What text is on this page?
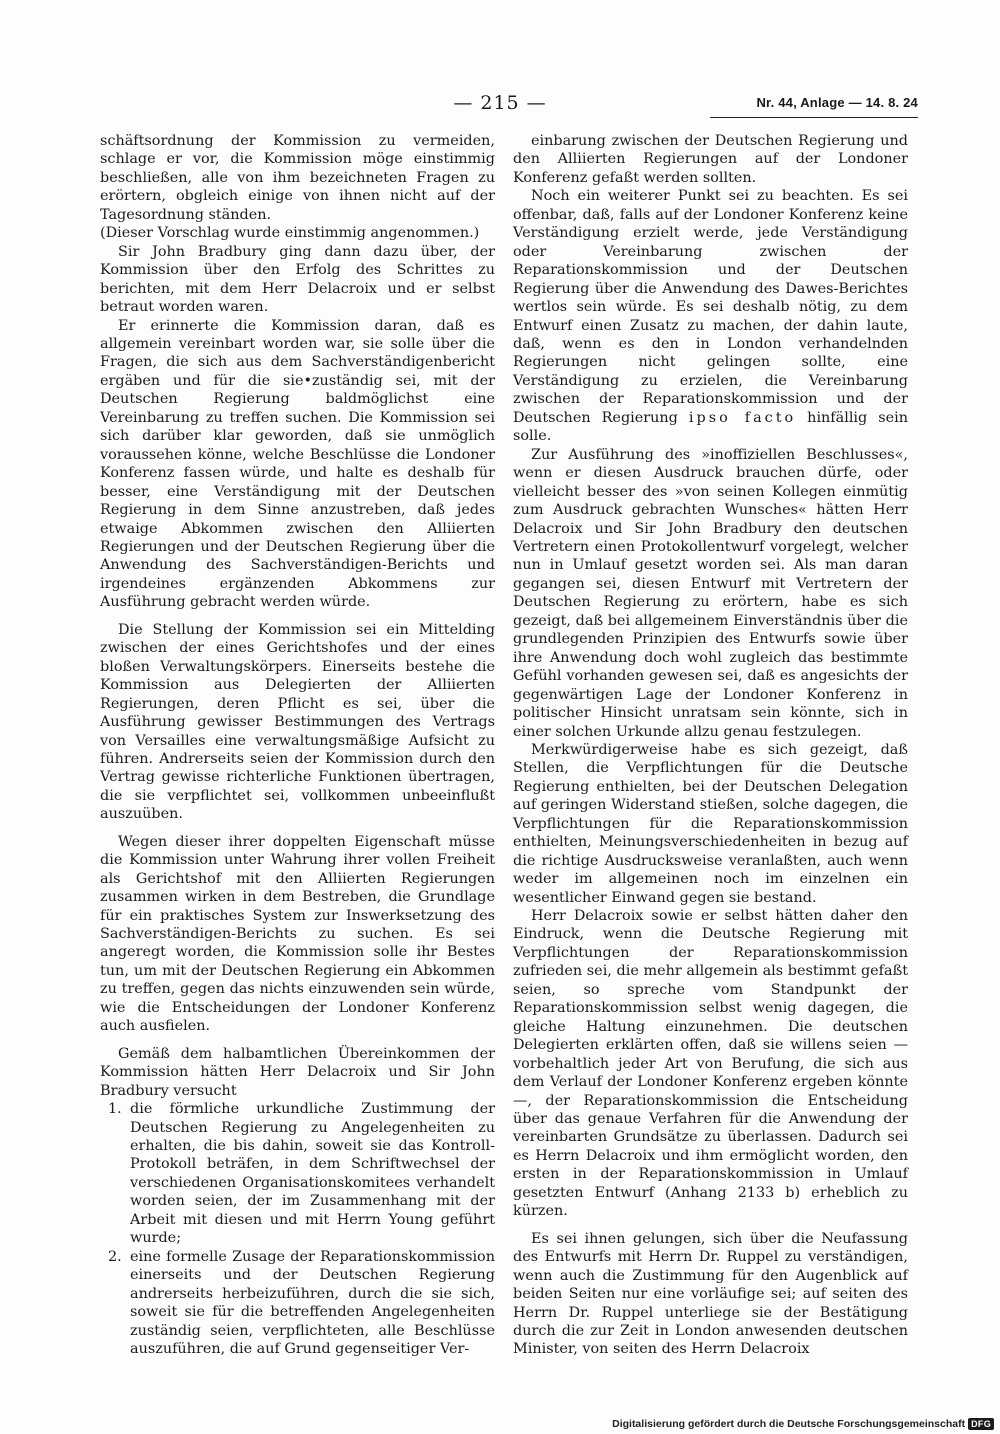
— 215 —	Nr. 44, Anlage — 14. 8. 24

schäftsordnung der Kommission zu vermeiden, schlage er vor, die Kommission möge einstimmig beschließen, alle von ihm bezeichneten Fragen zu erörtern, obgleich einige von ihnen nicht auf der Tagesordnung ständen.

(Dieser Vorschlag wurde einstimmig angenommen.)

Sir John Bradbury ging dann dazu über, der Kommission über den Erfolg des Schrittes zu berichten, mit dem Herr Delacroix und er selbst betraut worden waren.

Er erinnerte die Kommission daran, daß es allgemein vereinbart worden war, sie solle über die Fragen, die sich aus dem Sachverständigenbericht ergäben und für die sie•zuständig sei, mit der Deutschen Regierung baldmöglichst eine Vereinbarung zu treffen suchen. Die Kommission sei sich darüber klar geworden, daß sie unmöglich voraussehen könne, welche Beschlüsse die Londoner Konferenz fassen würde, und halte es deshalb für besser, eine Verständigung mit der Deutschen Regierung in dem Sinne anzustreben, daß jedes etwaige Abkommen zwischen den Alliierten Regierungen und der Deutschen Regierung über die Anwendung des Sachverständigen-Berichts und irgendeines ergänzenden Abkommens zur Ausführung gebracht werden würde.

Die Stellung der Kommission sei ein Mittelding zwischen der eines Gerichtshofes und der eines bloßen Verwaltungskörpers. Einerseits bestehe die Kommission aus Delegierten der Alliierten Regierungen, deren Pflicht es sei, über die Ausführung gewisser Bestimmungen des Vertrags von Versailles eine verwaltungsmäßige Aufsicht zu führen. Andrerseits seien der Kommission durch den Vertrag gewisse richterliche Funktionen übertragen, die sie verpflichtet sei, vollkommen unbeeinflußt auszuüben.

Wegen dieser ihrer doppelten Eigenschaft müsse die Kommission unter Wahrung ihrer vollen Freiheit als Gerichtshof mit den Alliierten Regierungen zusammen wirken in dem Bestreben, die Grundlage für ein praktisches System zur Inswerksetzung des Sachverständigen-Berichts zu suchen. Es sei angeregt worden, die Kommission solle ihr Bestes tun, um mit der Deutschen Regierung ein Abkommen zu treffen, gegen das nichts einzuwenden sein würde, wie die Entscheidungen der Londoner Konferenz auch ausfielen.

Gemäß dem halbamtlichen Übereinkommen der Kommission hätten Herr Delacroix und Sir John Bradbury versucht

1. die förmliche urkundliche Zustimmung der Deutschen Regierung zu Angelegenheiten zu erhalten, die bis dahin, soweit sie das Kontroll-Protokoll beträfen, in dem Schriftwechsel der verschiedenen Organisationskomitees verhandelt worden seien, der im Zusammenhang mit der Arbeit mit diesen und mit Herrn Young geführt wurde;
2. eine formelle Zusage der Reparationskommission einerseits und der Deutschen Regierung andrerseits herbeizuführen, durch die sie sich, soweit sie für die betreffenden Angelegenheiten zuständig seien, verpflichteten, alle Beschlüsse auszuführen, die auf Grund gegenseitiger Ver-

einbarung zwischen der Deutschen Regierung und den Alliierten Regierungen auf der Londoner Konferenz gefaßt werden sollten.

Noch ein weiterer Punkt sei zu beachten. Es sei offenbar, daß, falls auf der Londoner Konferenz keine Verständigung erzielt werde, jede Verständigung oder Vereinbarung zwischen der Reparationskommission und der Deutschen Regierung über die Anwendung des Dawes-Berichtes wertlos sein würde. Es sei deshalb nötig, zu dem Entwurf einen Zusatz zu machen, der dahin laute, daß, wenn es den in London verhandelnden Regierungen nicht gelingen sollte, eine Verständigung zu erzielen, die Vereinbarung zwischen der Reparationskommission und der Deutschen Regierung ipso facto hinfällig sein solle.

Zur Ausführung des »inoffiziellen Beschlusses«, wenn er diesen Ausdruck brauchen dürfe, oder vielleicht besser des »von seinen Kollegen einmütig zum Ausdruck gebrachten Wunsches« hätten Herr Delacroix und Sir John Bradbury den deutschen Vertretern einen Protokollentwurf vorgelegt, welcher nun in Umlauf gesetzt worden sei. Als man daran gegangen sei, diesen Entwurf mit Vertretern der Deutschen Regierung zu erörtern, habe es sich gezeigt, daß bei allgemeinem Einverständnis über die grundlegenden Prinzipien des Entwurfs sowie über ihre Anwendung doch wohl zugleich das bestimmte Gefühl vorhanden gewesen sei, daß es angesichts der gegenwärtigen Lage der Londoner Konferenz in politischer Hinsicht unratsam sein könnte, sich in einer solchen Urkunde allzu genau festzulegen.

Merkwürdigerweise habe es sich gezeigt, daß Stellen, die Verpflichtungen für die Deutsche Regierung enthielten, bei der Deutschen Delegation auf geringen Widerstand stießen, solche dagegen, die Verpflichtungen für die Reparationskommission enthielten, Meinungsverschiedenheiten in bezug auf die richtige Ausdrucksweise veranlaßten, auch wenn weder im allgemeinen noch im einzelnen ein wesentlicher Einwand gegen sie bestand.

Herr Delacroix sowie er selbst hätten daher den Eindruck, wenn die Deutsche Regierung mit Verpflichtungen der Reparationskommission zufrieden sei, die mehr allgemein als bestimmt gefaßt seien, so spreche vom Standpunkt der Reparationskommission selbst wenig dagegen, die gleiche Haltung einzunehmen. Die deutschen Delegierten erklärten offen, daß sie willens seien — vorbehaltlich jeder Art von Berufung, die sich aus dem Verlauf der Londoner Konferenz ergeben könnte —, der Reparationskommission die Entscheidung über das genaue Verfahren für die Anwendung der vereinbarten Grundsätze zu überlassen. Dadurch sei es Herrn Delacroix und ihm ermöglicht worden, den ersten in der Reparationskommission in Umlauf gesetzten Entwurf (Anhang 2133 b) erheblich zu kürzen.

Es sei ihnen gelungen, sich über die Neufassung des Entwurfs mit Herrn Dr. Ruppel zu verständigen, wenn auch die Zustimmung für den Augenblick auf beiden Seiten nur eine vorläufige sei; auf seiten des Herrn Dr. Ruppel unterliege sie der Bestätigung durch die zur Zeit in London anwesenden deutschen Minister, von seiten des Herrn Delacroix

Digitalisierung gefördert durch die Deutsche Forschungsgemeinschaft DFG
